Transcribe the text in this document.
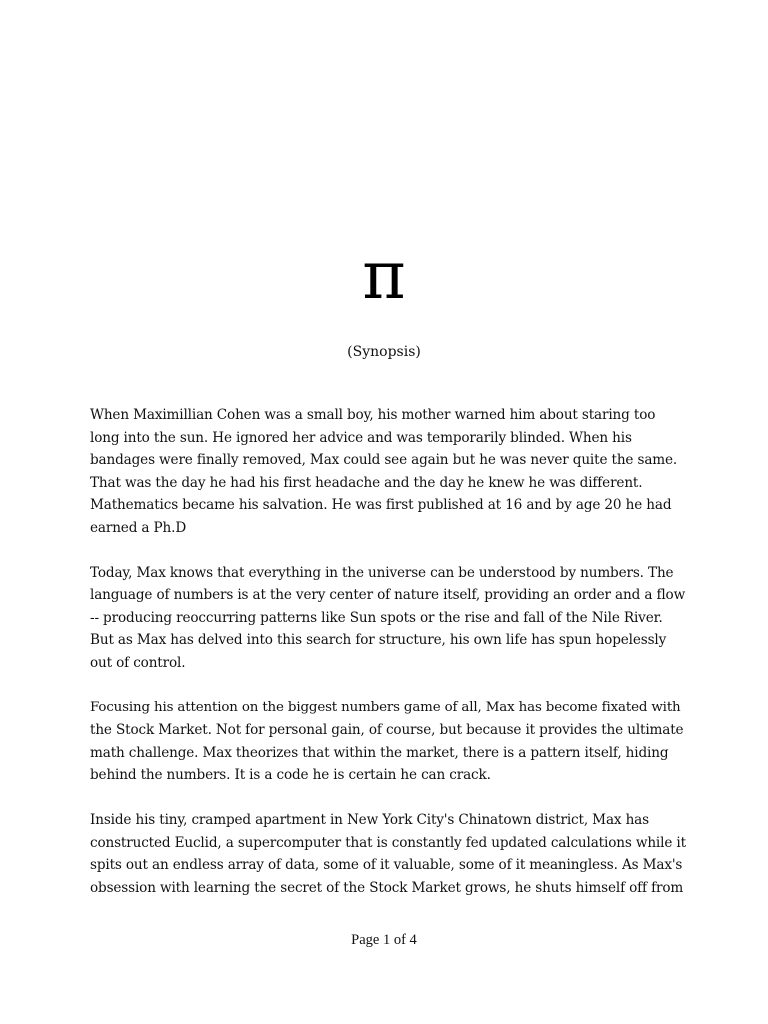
π
(Synopsis)

When Maximillian Cohen was a small boy, his mother warned him about staring too
long into the sun. He ignored her advice and was temporarily blinded. When his
bandages were finally removed, Max could see again but he was never quite the same.
That was the day he had his first headache and the day he knew he was different.
Mathematics became his salvation. He was first published at 16 and by age 20 he had
earned a Ph.D

Today, Max knows that everything in the universe can be understood by numbers. The
language of numbers is at the very center of nature itself, providing an order and a flow
-- producing reoccurring patterns like Sun spots or the rise and fall of the Nile River.
But as Max has delved into this search for structure, his own life has spun hopelessly
out of control.

Focusing his attention on the biggest numbers game of all, Max has become fixated with
the Stock Market. Not for personal gain, of course, but because it provides the ultimate
math challenge. Max theorizes that within the market, there is a pattern itself, hiding
behind the numbers. It is a code he is certain he can crack.

Inside his tiny, cramped apartment in New York City's Chinatown district, Max has
constructed Euclid, a supercomputer that is constantly fed updated calculations while it
spits out an endless array of data, some of it valuable, some of it meaningless. As Max's
obsession with learning the secret of the Stock Market grows, he shuts himself off from

Page 1 of 4
